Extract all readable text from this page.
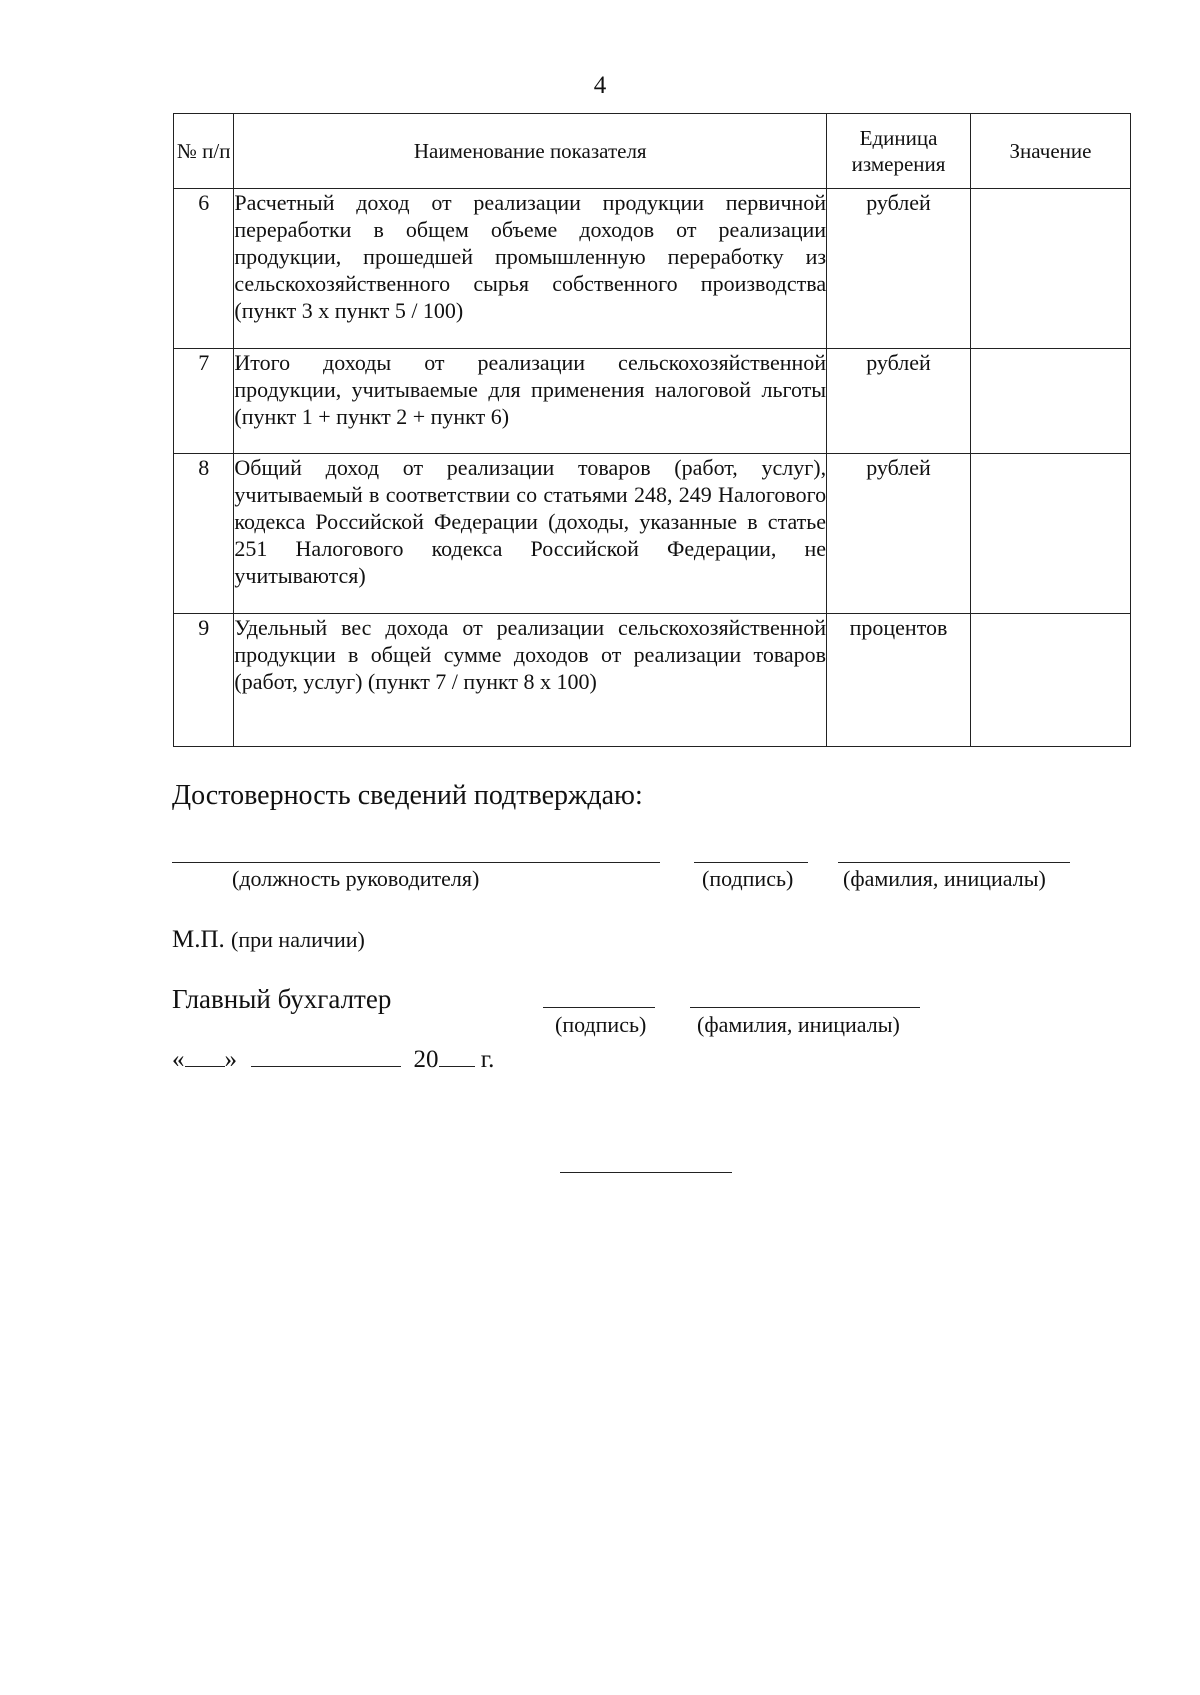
4
№ п/п	Наименование показателя	Единица измерения	Значение
6	Расчетный доход от реализации продукции первичной переработки в общем объеме доходов от реализации продукции, прошедшей промышленную переработку из сельскохозяйственного сырья собственного производства (пункт 3 х пункт 5 / 100)	рублей	
7	Итого доходы от реализации сельскохозяйственной продукции, учитываемые для применения налоговой льготы (пункт 1 + пункт 2 + пункт 6)	рублей	
8	Общий доход от реализации товаров (работ, услуг), учитываемый в соответствии со статьями 248, 249 Налогового кодекса Российской Федерации (доходы, указанные в статье 251 Налогового кодекса Российской Федерации, не учитываются)	рублей	
9	Удельный вес дохода от реализации сельскохозяйственной продукции в общей сумме доходов от реализации товаров (работ, услуг) (пункт 7 / пункт 8 х 100)	процентов	
Достоверность сведений подтверждаю:
(должность руководителя)	(подпись) (фамилия, инициалы)
М.П. (при наличии)
Главный бухгалтер
(подпись) (фамилия, инициалы)
« »	20 г.
